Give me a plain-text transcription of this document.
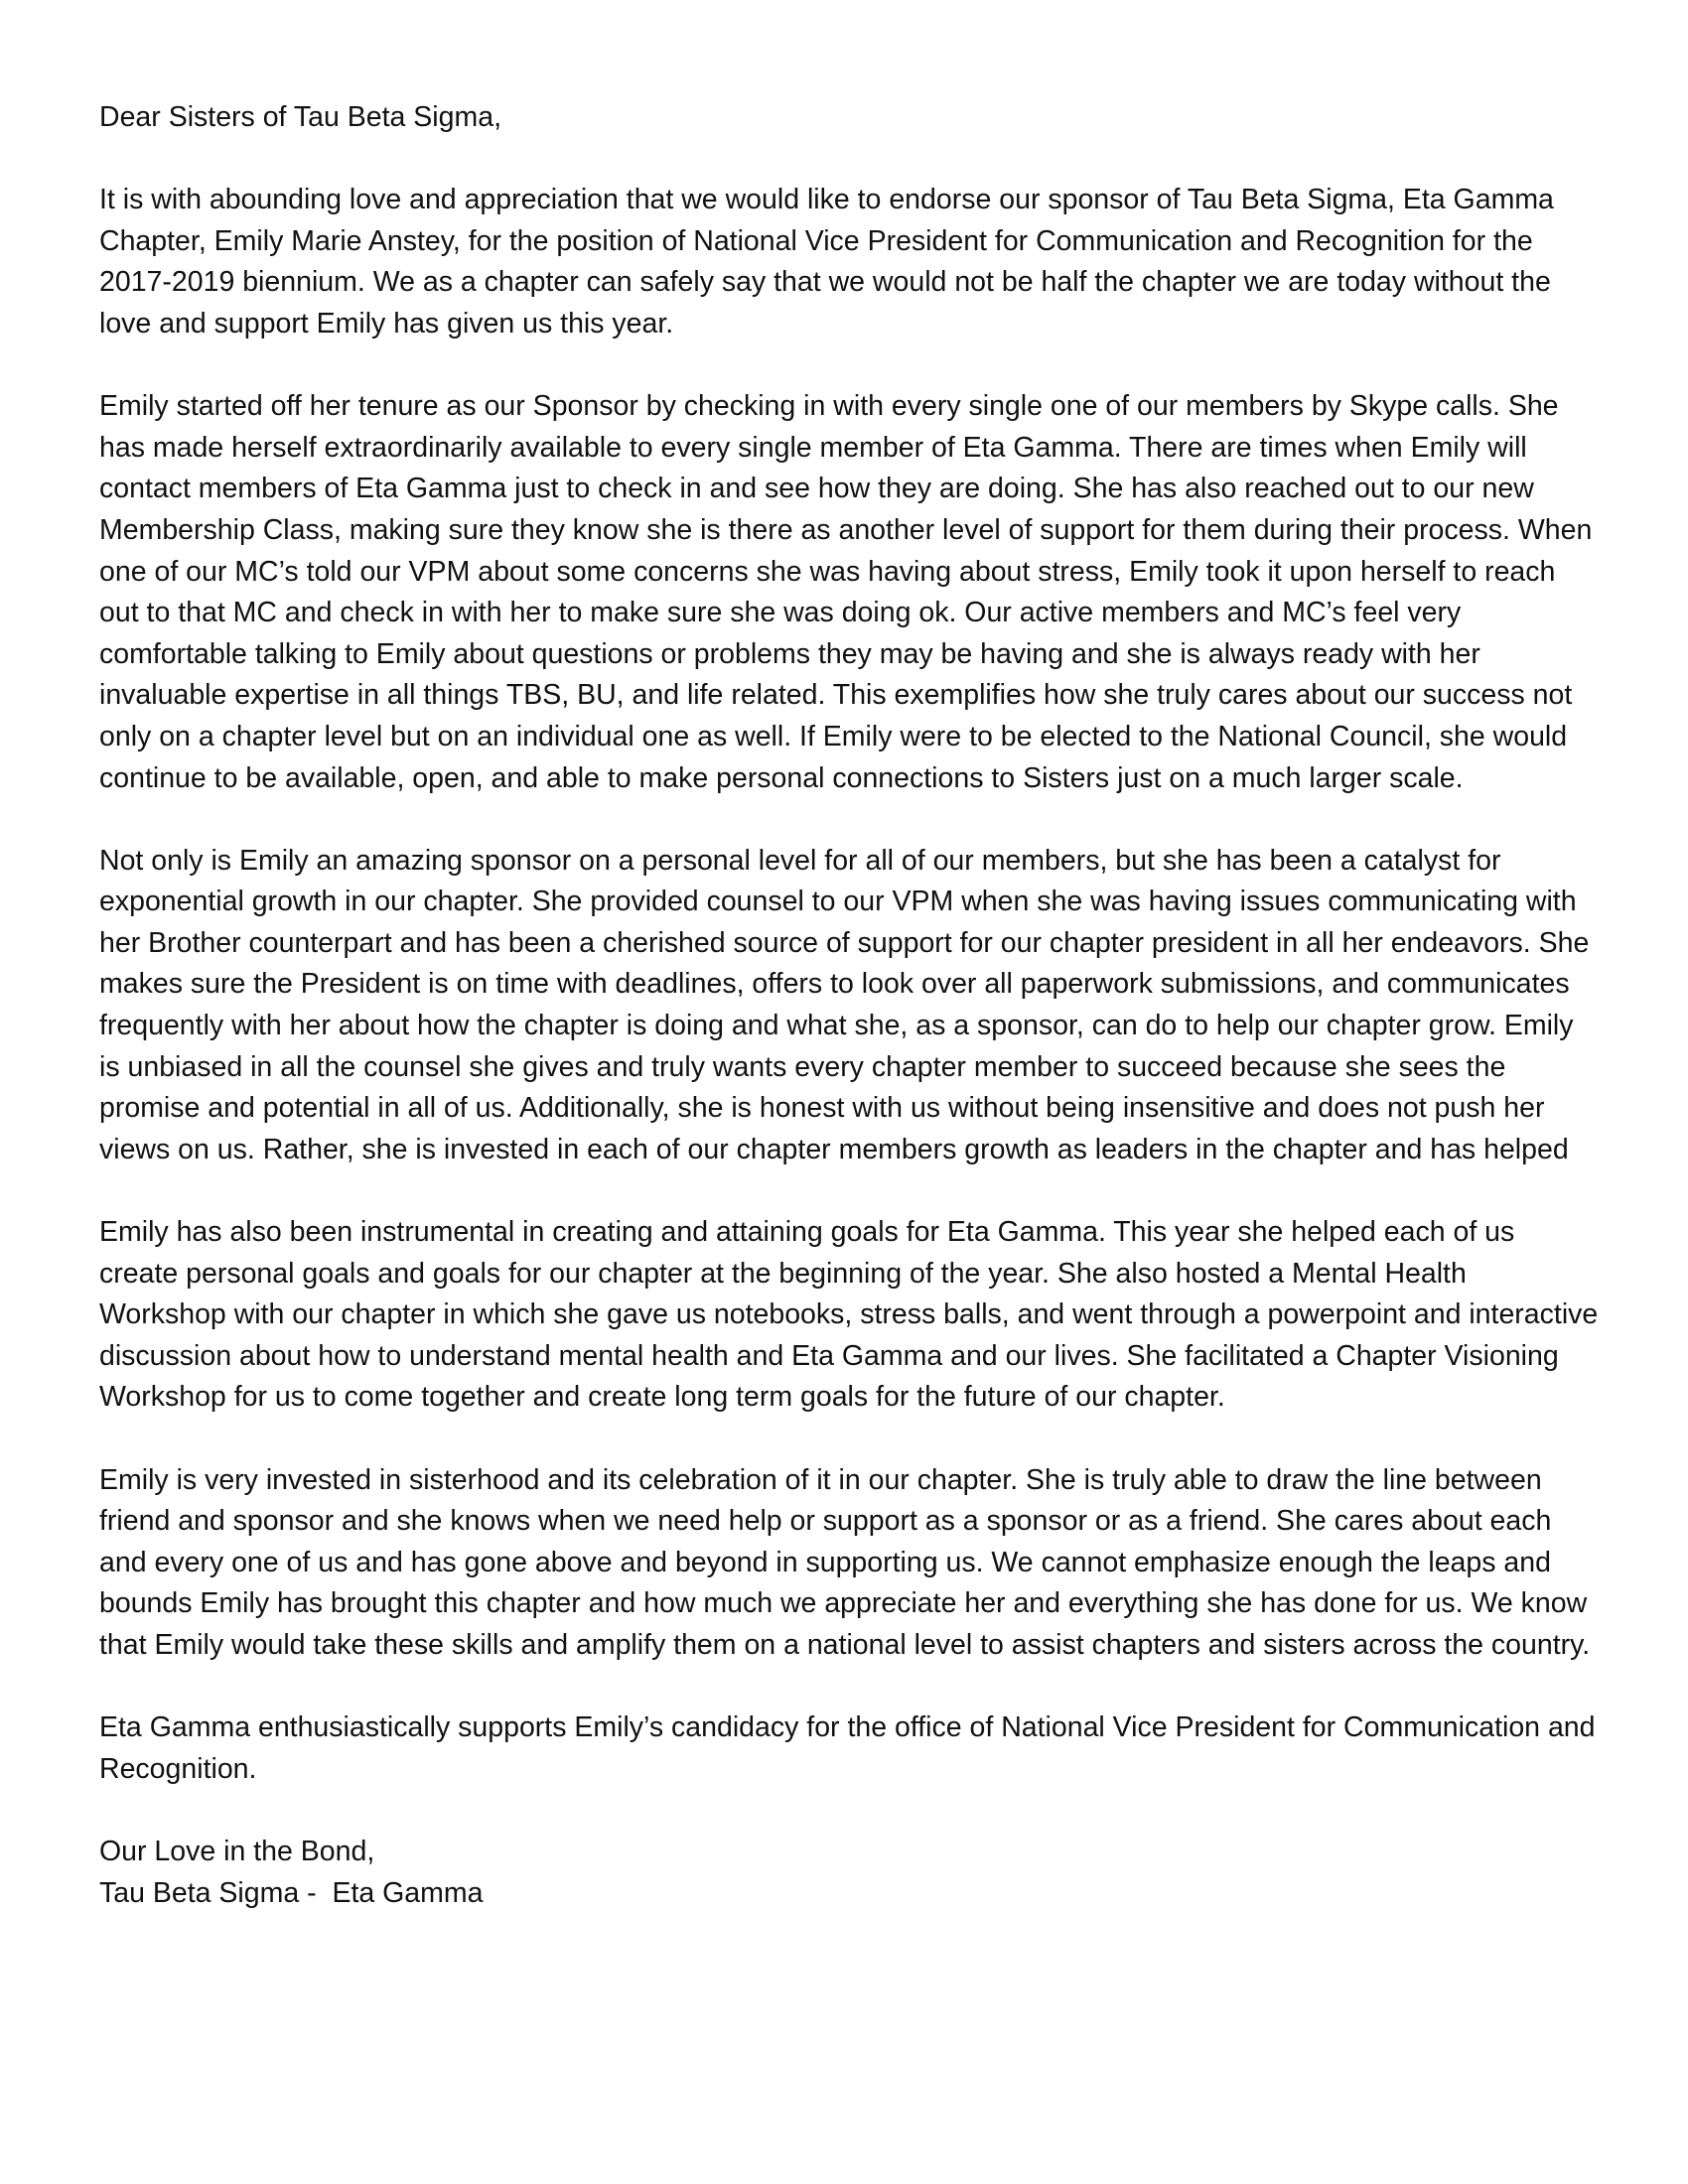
Dear Sisters of Tau Beta Sigma,

It is with abounding love and appreciation that we would like to endorse our sponsor of Tau Beta Sigma, Eta Gamma Chapter, Emily Marie Anstey, for the position of National Vice President for Communication and Recognition for the 2017-2019 biennium. We as a chapter can safely say that we would not be half the chapter we are today without the love and support Emily has given us this year.

Emily started off her tenure as our Sponsor by checking in with every single one of our members by Skype calls. She has made herself extraordinarily available to every single member of Eta Gamma. There are times when Emily will contact members of Eta Gamma just to check in and see how they are doing. She has also reached out to our new Membership Class, making sure they know she is there as another level of support for them during their process. When one of our MC’s told our VPM about some concerns she was having about stress, Emily took it upon herself to reach out to that MC and check in with her to make sure she was doing ok. Our active members and MC’s feel very comfortable talking to Emily about questions or problems they may be having and she is always ready with her invaluable expertise in all things TBS, BU, and life related. This exemplifies how she truly cares about our success not only on a chapter level but on an individual one as well. If Emily were to be elected to the National Council, she would continue to be available, open, and able to make personal connections to Sisters just on a much larger scale.

Not only is Emily an amazing sponsor on a personal level for all of our members, but she has been a catalyst for exponential growth in our chapter. She provided counsel to our VPM when she was having issues communicating with her Brother counterpart and has been a cherished source of support for our chapter president in all her endeavors. She makes sure the President is on time with deadlines, offers to look over all paperwork submissions, and communicates frequently with her about how the chapter is doing and what she, as a sponsor, can do to help our chapter grow. Emily is unbiased in all the counsel she gives and truly wants every chapter member to succeed because she sees the promise and potential in all of us. Additionally, she is honest with us without being insensitive and does not push her views on us. Rather, she is invested in each of our chapter members growth as leaders in the chapter and has helped

Emily has also been instrumental in creating and attaining goals for Eta Gamma. This year she helped each of us create personal goals and goals for our chapter at the beginning of the year. She also hosted a Mental Health Workshop with our chapter in which she gave us notebooks, stress balls, and went through a powerpoint and interactive discussion about how to understand mental health and Eta Gamma and our lives. She facilitated a Chapter Visioning Workshop for us to come together and create long term goals for the future of our chapter.

Emily is very invested in sisterhood and its celebration of it in our chapter. She is truly able to draw the line between friend and sponsor and she knows when we need help or support as a sponsor or as a friend. She cares about each and every one of us and has gone above and beyond in supporting us. We cannot emphasize enough the leaps and bounds Emily has brought this chapter and how much we appreciate her and everything she has done for us. We know that Emily would take these skills and amplify them on a national level to assist chapters and sisters across the country.

Eta Gamma enthusiastically supports Emily’s candidacy for the office of National Vice President for Communication and Recognition.

Our Love in the Bond,

Tau Beta Sigma -  Eta Gamma
